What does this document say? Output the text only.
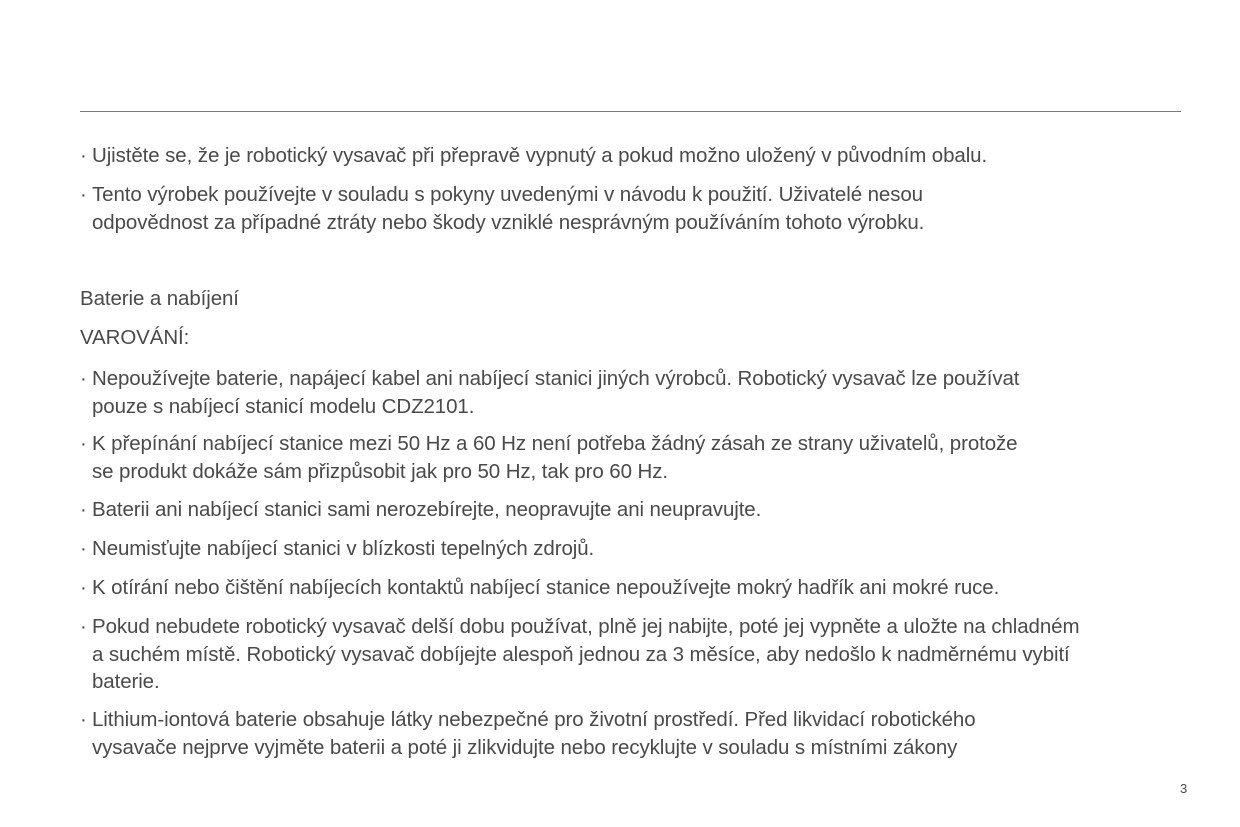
· Ujistěte se, že je robotický vysavač při přepravě vypnutý a pokud možno uložený v původním obalu.
· Tento výrobek používejte v souladu s pokyny uvedenými v návodu k použití. Uživatelé nesou
odpovědnost za případné ztráty nebo škody vzniklé nesprávným používáním tohoto výrobku.
Baterie a nabíjení
VAROVÁNÍ:
· Nepoužívejte baterie, napájecí kabel ani nabíjecí stanici jiných výrobců. Robotický vysavač lze používat
pouze s nabíjecí stanicí modelu CDZ2101.
· K přepínání nabíjecí stanice mezi 50 Hz a 60 Hz není potřeba žádný zásah ze strany uživatelů, protože
se produkt dokáže sám přizpůsobit jak pro 50 Hz, tak pro 60 Hz.
· Baterii ani nabíjecí stanici sami nerozebírejte, neopravujte ani neupravujte.
· Neumisťujte nabíjecí stanici v blízkosti tepelných zdrojů.
· K otírání nebo čištění nabíjecích kontaktů nabíjecí stanice nepoužívejte mokrý hadřík ani mokré ruce.
· Pokud nebudete robotický vysavač delší dobu používat, plně jej nabijte, poté jej vypněte a uložte na chladném
a suchém místě. Robotický vysavač dobíjejte alespoň jednou za 3 měsíce, aby nedošlo k nadměrnému vybití
baterie.
· Lithium-iontová baterie obsahuje látky nebezpečné pro životní prostředí. Před likvidací robotického
vysavače nejprve vyjměte baterii a poté ji zlikvidujte nebo recyklujte v souladu s místními zákony
3
